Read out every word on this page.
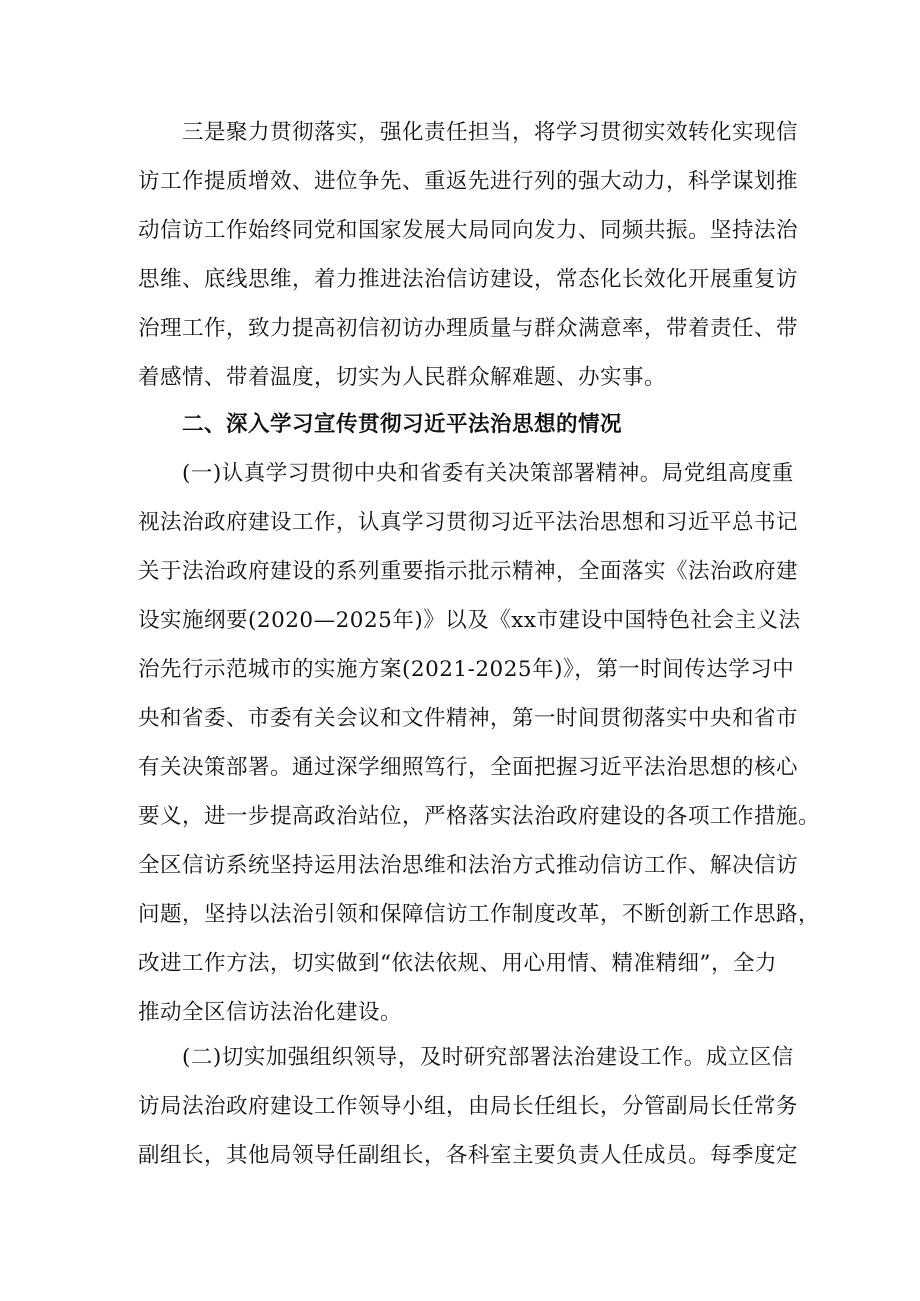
三是聚力贯彻落实，强化责任担当，将学习贯彻实效转化实现信
访工作提质增效、进位争先、重返先进行列的强大动力，科学谋划推
动信访工作始终同党和国家发展大局同向发力、同频共振。坚持法治
思维、底线思维，着力推进法治信访建设，常态化长效化开展重复访
治理工作，致力提高初信初访办理质量与群众满意率，带着责任、带
着感情、带着温度，切实为人民群众解难题、办实事。
二、深入学习宣传贯彻习近平法治思想的情况
(一)认真学习贯彻中央和省委有关决策部署精神。局党组高度重
视法治政府建设工作，认真学习贯彻习近平法治思想和习近平总书记
关于法治政府建设的系列重要指示批示精神，全面落实《法治政府建
设实施纲要(2020—2025年)》以及《xx市建设中国特色社会主义法
治先行示范城市的实施方案(2021-2025年)》，第一时间传达学习中
央和省委、市委有关会议和文件精神，第一时间贯彻落实中央和省市
有关决策部署。通过深学细照笃行，全面把握习近平法治思想的核心
要义，进一步提高政治站位，严格落实法治政府建设的各项工作措施。
全区信访系统坚持运用法治思维和法治方式推动信访工作、解决信访
问题，坚持以法治引领和保障信访工作制度改革，不断创新工作思路，
改进工作方法，切实做到“依法依规、用心用情、精准精细”，全力
推动全区信访法治化建设。
(二)切实加强组织领导，及时研究部署法治建设工作。成立区信
访局法治政府建设工作领导小组，由局长任组长，分管副局长任常务
副组长，其他局领导任副组长，各科室主要负责人任成员。每季度定
